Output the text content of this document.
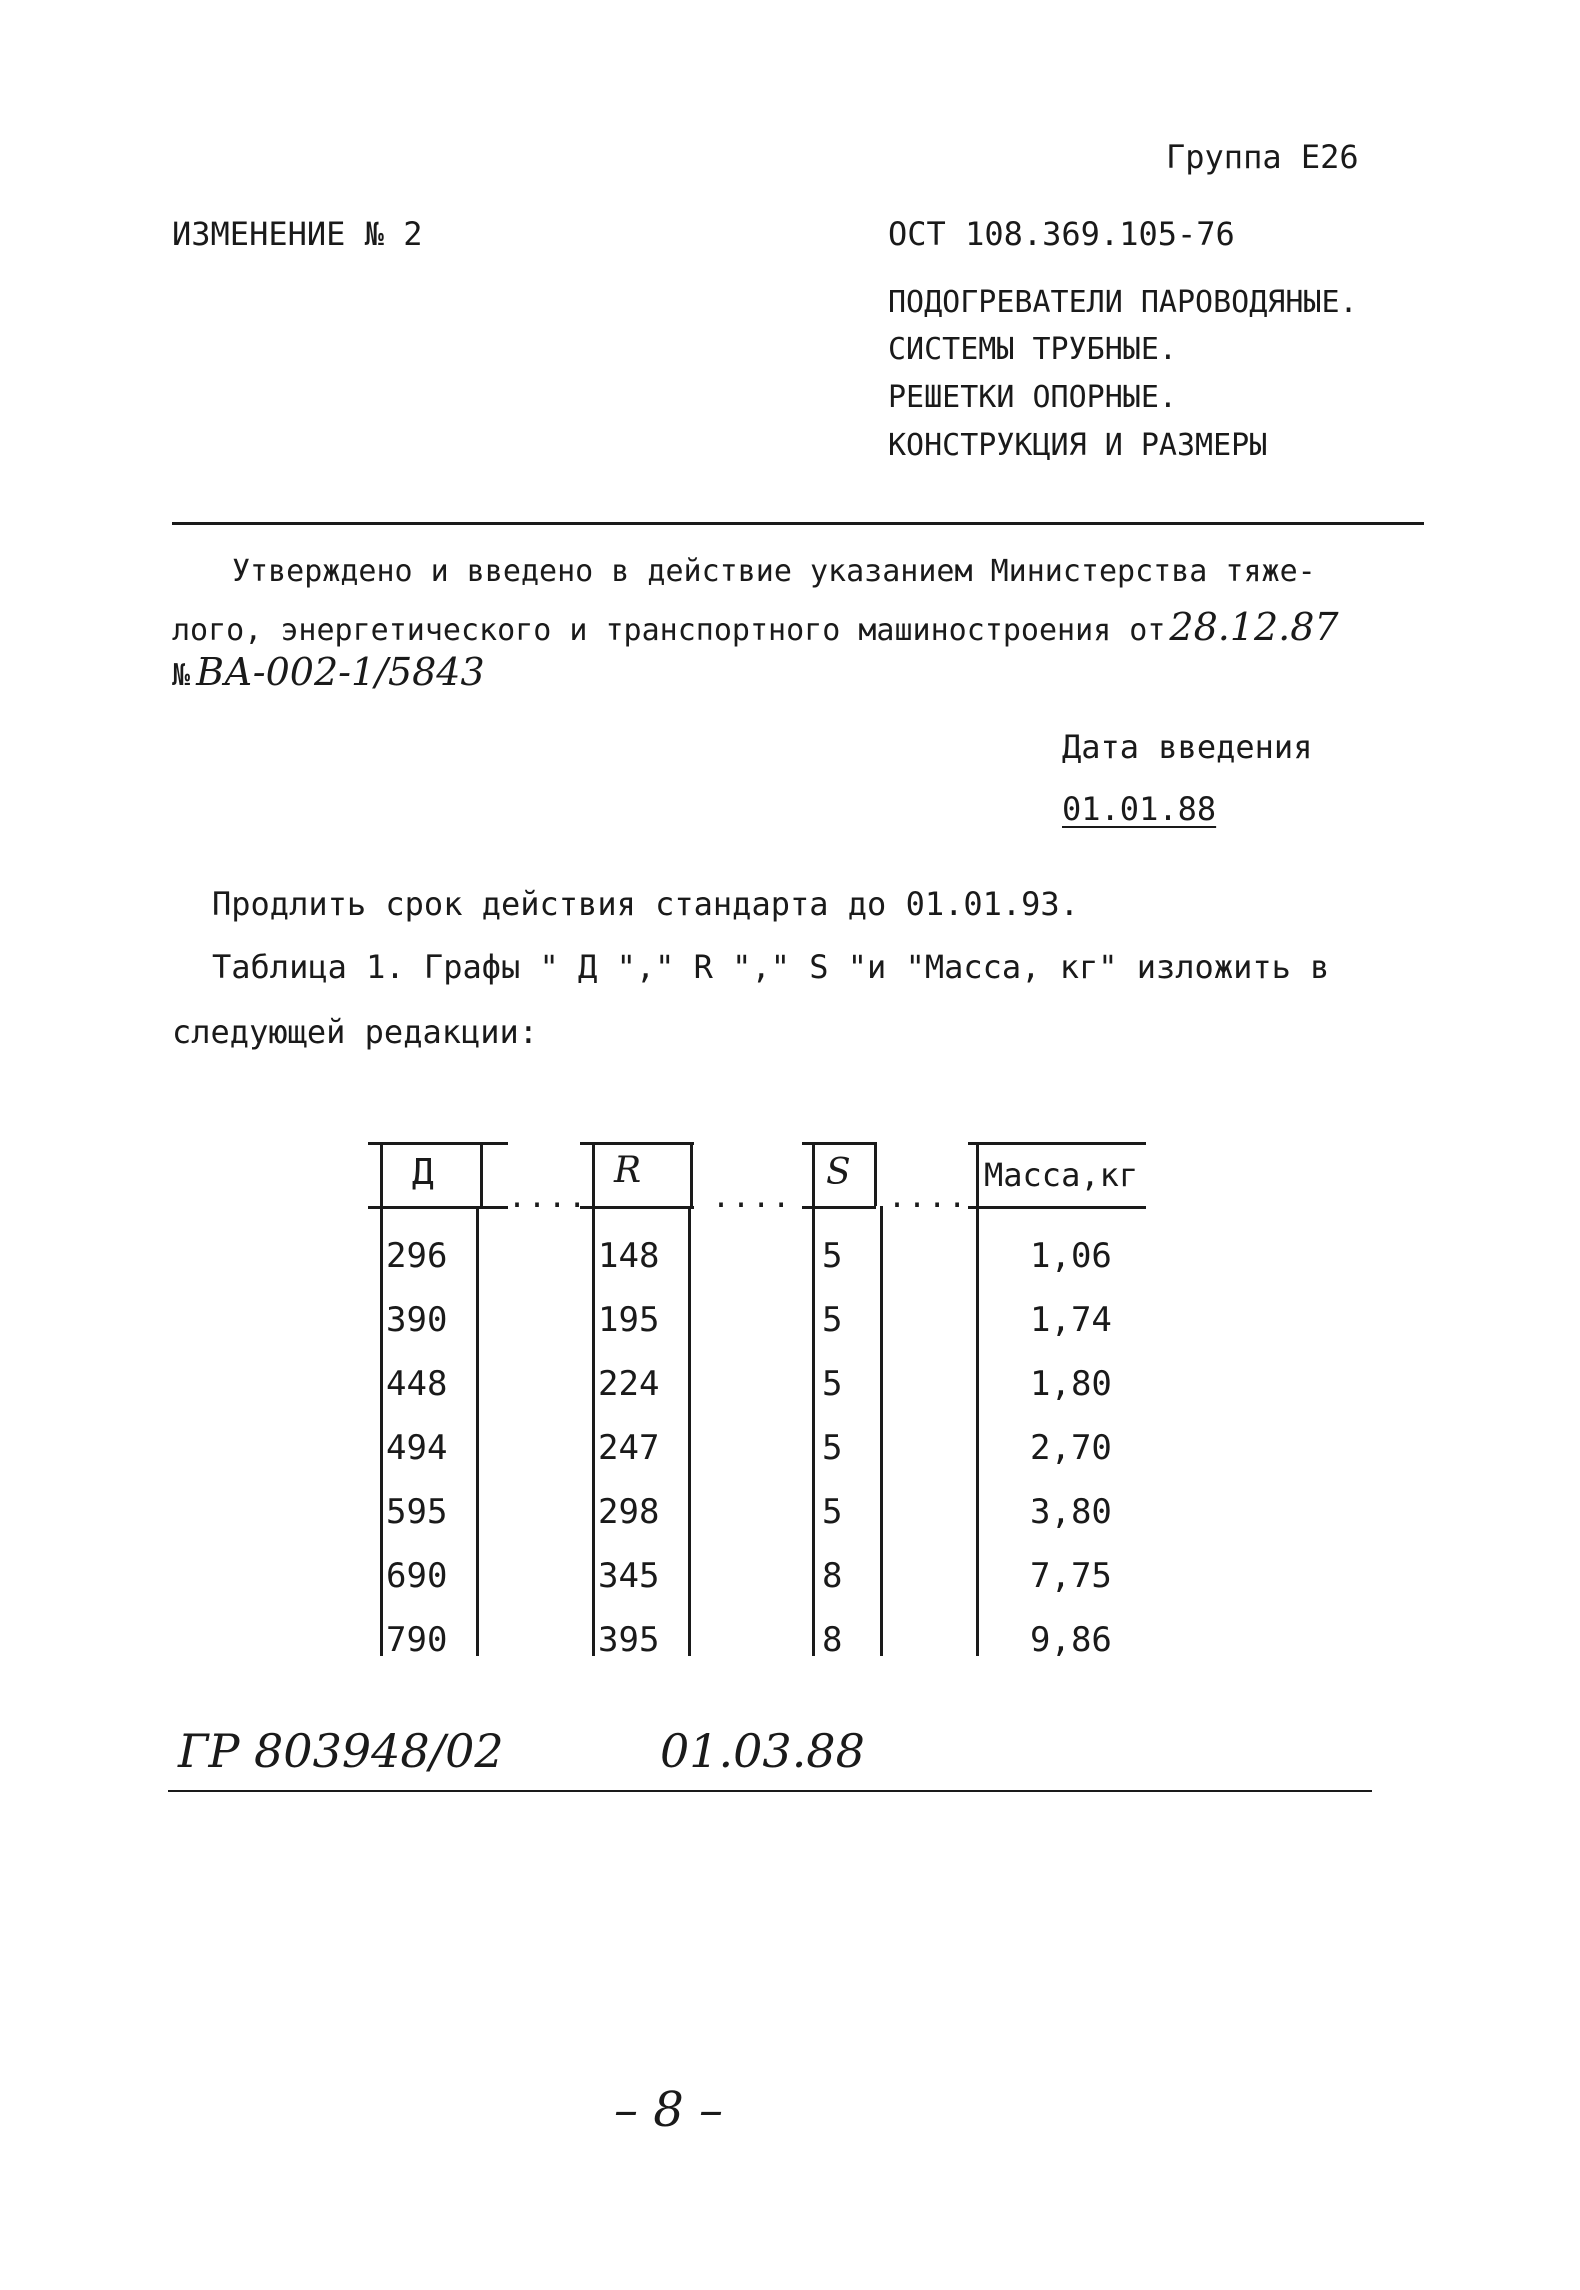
Группа Е26
ИЗМЕНЕНИЕ № 2	ОСТ 108.369.105-76
ПОДОГРЕВАТЕЛИ ПАРОВОДЯНЫЕ.
СИСТЕМЫ ТРУБНЫЕ.
РЕШЕТКИ ОПОРНЫЕ.
КОНСТРУКЦИЯ И РАЗМЕРЫ
Утверждено и введено в действие указанием Министерства тяже-
лого, энергетического и транспортного машиностроения от 28.12.87
№ ВА-002-1/5843
Дата введения
01.01.88
Продлить срок действия стандарта до 01.01.93.
Таблица 1. Графы " Д "," R "," S "и "Масса, кг" изложить в
следующей редакции:
Д	R	S	Масса,кг
....	....	....
296	148	5	1,06
390	195	5	1,74
448	224	5	1,80
494	247	5	2,70
595	298	5	3,80
690	345	8	7,75
790	395	8	9,86
ГР 803948/02	01.03.88
– 8 –
